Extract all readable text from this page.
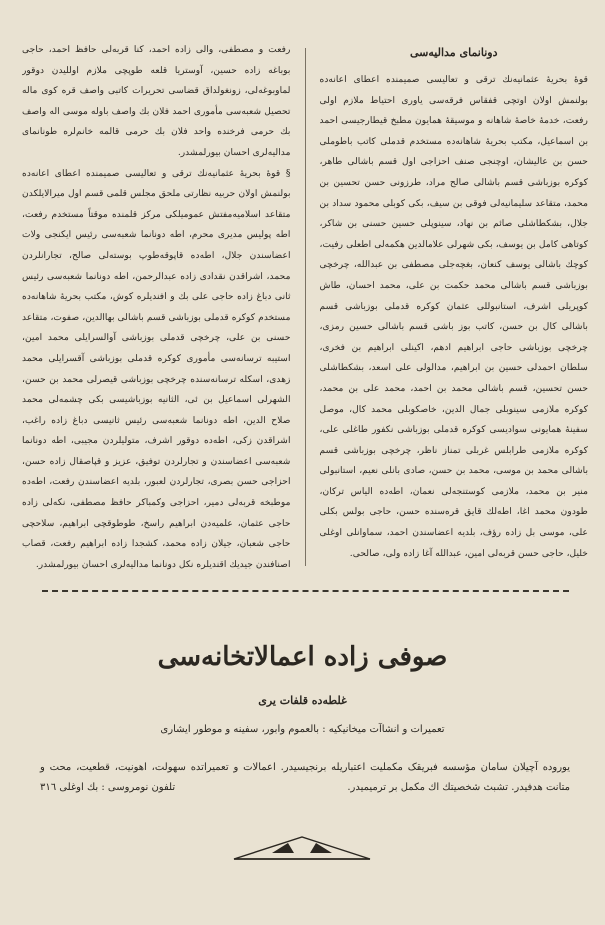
دونانمای مدالیه‌سی

قوهٔ بحریهٔ عثمانیه‌نك ترقی و تعالیسی صمیمنده اعطای اعانه‌ده بولنمش اولان اوتچی قفقاس فرقه‌سی یاوری احتیاط ملازم اولی رفعت، خدمهٔ خاصهٔ شاهانه و موسیقهٔ همایون مطبخ قیطارجیسی احمد بن اسماعیل، مکتب بحریهٔ شاهانه‌ده مستخدم قدملی کاتب باطوملی حسن بن عالیشان، اوچنجی صنف احزاجی اول قسم باشالی طاهر، کوکره بوزباشی قسم باشالی صالح مراد، طرزونی حسن تحسین بن محمد، متقاعد سلیمانیه‌لی فوقی بن سیف، بکی کوبلی محمود سداد بن جلال، بشکطاشلی صائم بن نهاد، سینوپلی حسین حسنی بن شاکر، کوتاهی کامل بن یوسف، بکی شهرلی علامالدین هکمه‌لی اطعلی رفیت، کوچك باشالی یوسف کنعان، بغچه‌جلی مصطفی بن عبدالله، چرخچی بوزباشی قسم باشالی محمد حکمت بن علی، محمد احسان، طاش کوپریلی اشرف، استانبوللی عثمان کوکره قدملی بوزباشی قسم باشالی کال بن حسن، کاتب بوز باشی قسم باشالی حسین رمزی، چرخچی بوزباشی حاجی ابراهیم ادهم، اکینلی ابراهیم بن فخری، سلطان احمدلی حسین بن ابراهیم، مدالولی علی اسعد، بشکطاشلی حسن تحسین، قسم باشالی محمد بن احمد، محمد علی بن محمد، کوکره ملازمی سینوبلی جمال الدین، خاصکوبلی محمد کال، موصل سفینهٔ همایونی سوادیسی کوکره قدملی بوزباشی نکفور طاغلی علی، کوکره ملازمی طرابلس غربلی تمناز ناظر، چرخچی بوزباشی قسم باشالی محمد بن موسی، محمد بن حسن، صادی بانلی نعیم، استانبولی منیر بن محمد، ملازمی کوستنجه‌لی نعمان، اطه‌ده الیاس ترکان، طودون محمد اغا، اطه‌لك قایق قره‌سنده حسن، حاجی بولس بکلی علی، موسی بل زاده رؤف، بلدیه اعضاسندن احمد، سماوانلی اوغلی خلیل، حاجی حسن قربه‌لی امین، عبدالله آغا زاده ولی، صالحی.

رفعت و مصطفی، والی زاده احمد، کنا قربه‌لی حافظ احمد، حاجی بوباغه زاده حسین، آوستریا قلعه طوپچی ملازم اوللیدن دوقور لماوبوغه‌لی، زونغولداق قضاسی تحریرات کاتبی واصف قره کوی ماله تحصیل شعبه‌سی مأموری احمد فلان بك واصف باوله موسی اله واصف بك حرمی فرخنده واحد فلان بك حرمی قالمه خانم‌لره طونانمای مدالیه‌لری احسان بیورلمشدر.

§ قوهٔ بحریهٔ عثمانیه‌نك ترقی و تعالیسی صمیمنده اعطای اعانه‌ده بولنمش اولان حربیه نظارتی ملحق مجلس قلمی قسم اول میرالایلکدن متقاعد اسلامیه‌مفتش عمومیلکی مرکز قلمنده موقتاً مستخدم رفعت، اطه پولیس مدیری محرم، اطه دونانما شعبه‌سی رئیس ایکنجی ولات اعضاسندن جلال، اطه‌ده قاپوقه‌طوپ بوسته‌لی صالح، تجارانلردن محمد، اشراقدن نقدادی زاده عبدالرحمن، اطه دونانما شعبه‌سی رئیس ثانی دباغ زاده حاجی علی بك و افندیلره کوش، مکتب بحریهٔ شاهانه‌ده مستخدم کوکره قدملی بوزباشی قسم باشالی بهاالدین، صفوت، متقاعد حسنی بن علی، چرخچی قدملی بوزباشی آوالسرایلی محمد امین، استیبه ترسانه‌سی مأموری کوکره قدملی بوزباشی آقسرایلی محمد زهدی، اسکله ترسانه‌سنده چرخچی بوزباشی قیصرلی محمد بن حسن، الشهرلی اسماعیل بن ئی، الثانیه بوزباشیسی بکی چشمه‌لی محمد صلاح الدین، اطه دونانما شعبه‌سی رئیس ثانیسی دباغ زاده راغب، اشراقدن زکی، اطه‌ده دوقور اشرف، متولیلردن مجیبی، اطه دونانما شعبه‌سی اعضاسندن و تجارلردن توفیق، عزیز و قپاصقال زاده حسن، احزاجی حسن بصری، تجارلردن لعبور، بلدیه اعضاسندن رفعت، اطه‌ده موطبخه قربه‌لی دمیر، احزاجی وکمباکر حافظ مصطفی، نکه‌لی زاده حاجی عثمان، علمیه‌دن ابراهیم راسخ، طوطوقچی ابراهیم، سلاحچی حاجی شعبان، جیلان زاده محمد، کشجدا زاده ابراهیم رفعت، قصاب اصنافندن جیدیك اقندیلره نکل دونانما مدالیه‌لری احسان بیورلمشدر.

صوفی زاده اعمالاتخانه‌سی
غلطه‌ده قلفات یری
تعمیرات و انشاآت میخانیکیه : بالعموم وابور، سفینه و موطور ایشاری
یوروده آچیلان سامان مؤسسه فبریقک مکملیت اعتباریله برنجیسیدر. اعمالات و تعمیراتده سهولت، اهونیت، قطعیت، محت و متانت هدفیدر. تشبث شخصیتك اك مکمل بر ترمیمیدر.
تلفون نومروسی : بك اوغلی ۳۱٦
